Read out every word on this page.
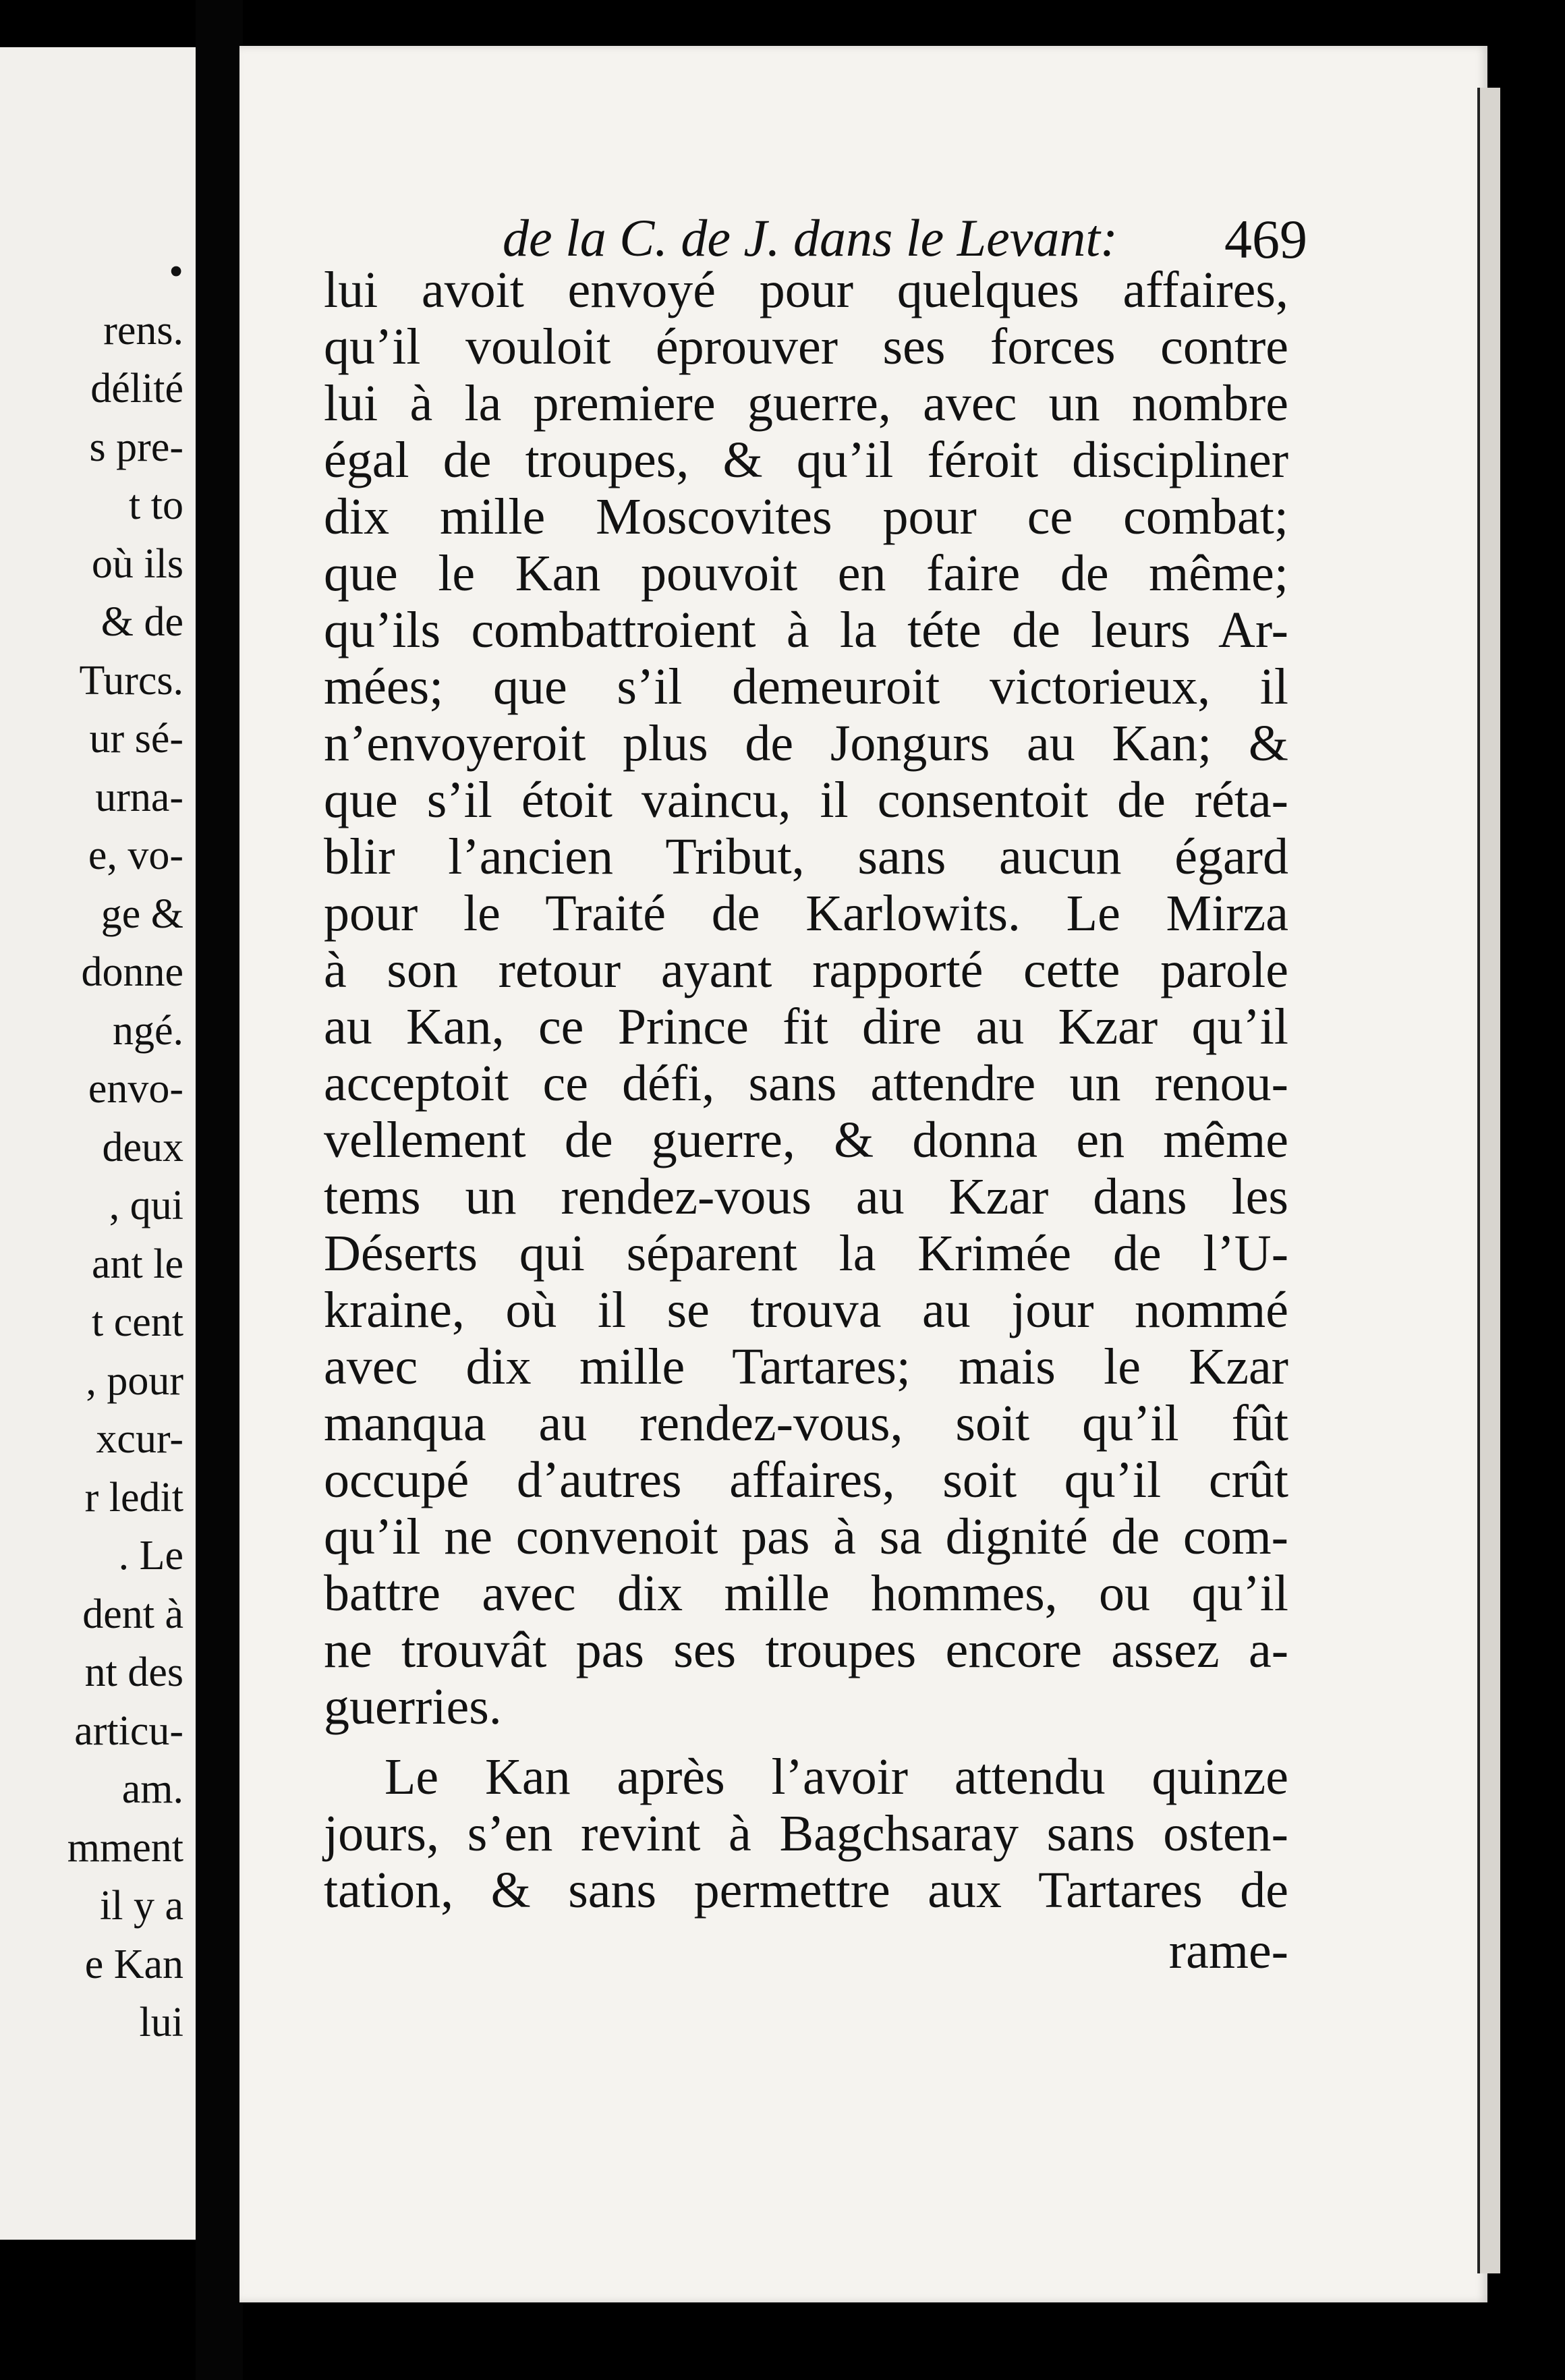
•
rens.
délité
s pre-
t to
où ils
& de
Turcs.
ur sé-
urna-
e, vo-
ge &
donne
ngé.
envo-
deux
, qui
ant le
t cent
, pour
xcur-
r ledit
. Le
dent à
nt des
articu-
am.
mment
il y a
e Kan
lui
de la C. de J. dans le Levant:	469
lui avoit envoyé pour quelques affaires,
qu’il vouloit éprouver ses forces contre
lui à la premiere guerre, avec un nombre
égal de troupes, & qu’il féroit discipliner
dix mille Moscovites pour ce combat;
que le Kan pouvoit en faire de même;
qu’ils combattroient à la téte de leurs Ar-
mées; que s’il demeuroit victorieux, il
n’envoyeroit plus de Jongurs au Kan; &
que s’il étoit vaincu, il consentoit de réta-
blir l’ancien Tribut, sans aucun égard
pour le Traité de Karlowits. Le Mirza
à son retour ayant rapporté cette parole
au Kan, ce Prince fit dire au Kzar qu’il
acceptoit ce défi, sans attendre un renou-
vellement de guerre, & donna en même
tems un rendez-vous au Kzar dans les
Déserts qui séparent la Krimée de l’U-
kraine, où il se trouva au jour nommé
avec dix mille Tartares; mais le Kzar
manqua au rendez-vous, soit qu’il fût
occupé d’autres affaires, soit qu’il crût
qu’il ne convenoit pas à sa dignité de com-
battre avec dix mille hommes, ou qu’il
ne trouvât pas ses troupes encore assez a-
guerries.
Le Kan après l’avoir attendu quinze
jours, s’en revint à Bagchsaray sans osten-
tation, & sans permettre aux Tartares de
rame-
